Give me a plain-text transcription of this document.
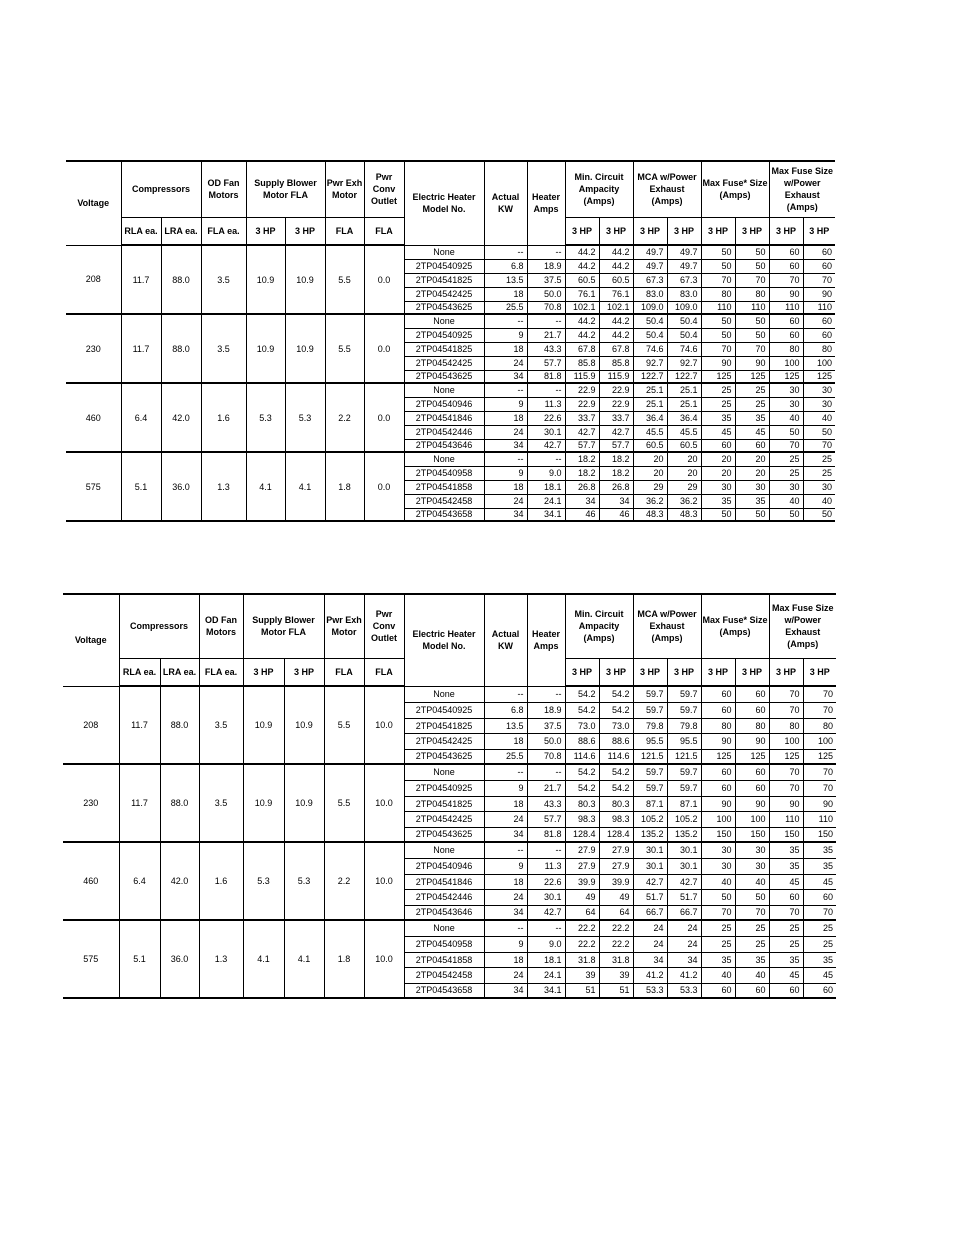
Voltage	Compressors		OD Fan Motors	Supply Blower Motor FLA		Pwr Exh Motor	Pwr Conv Outlet	Electric Heater Model No.	Actual KW	Heater Amps	Min. Circuit Ampacity (Amps)		MCA w/Power Exhaust (Amps)		Max Fuse* Size (Amps)		Max Fuse Size w/Power Exhaust (Amps)	
	RLA ea.	LRA ea.	FLA ea.	3 HP	3 HP	FLA	FLA				3 HP	3 HP	3 HP	3 HP	3 HP	3 HP	3 HP	3 HP
208	11.7	88.0	3.5	10.9	10.9	5.5	0.0	None	--	--	44.2	44.2	49.7	49.7	50	50	60	60
								2TP04540925	6.8	18.9	44.2	44.2	49.7	49.7	50	50	60	60
								2TP04541825	13.5	37.5	60.5	60.5	67.3	67.3	70	70	70	70
								2TP04542425	18	50.0	76.1	76.1	83.0	83.0	80	80	90	90
								2TP04543625	25.5	70.8	102.1	102.1	109.0	109.0	110	110	110	110
230	11.7	88.0	3.5	10.9	10.9	5.5	0.0	None	--	--	44.2	44.2	50.4	50.4	50	50	60	60
								2TP04540925	9	21.7	44.2	44.2	50.4	50.4	50	50	60	60
								2TP04541825	18	43.3	67.8	67.8	74.6	74.6	70	70	80	80
								2TP04542425	24	57.7	85.8	85.8	92.7	92.7	90	90	100	100
								2TP04543625	34	81.8	115.9	115.9	122.7	122.7	125	125	125	125
460	6.4	42.0	1.6	5.3	5.3	2.2	0.0	None	--	--	22.9	22.9	25.1	25.1	25	25	30	30
								2TP04540946	9	11.3	22.9	22.9	25.1	25.1	25	25	30	30
								2TP04541846	18	22.6	33.7	33.7	36.4	36.4	35	35	40	40
								2TP04542446	24	30.1	42.7	42.7	45.5	45.5	45	45	50	50
								2TP04543646	34	42.7	57.7	57.7	60.5	60.5	60	60	70	70
575	5.1	36.0	1.3	4.1	4.1	1.8	0.0	None	--	--	18.2	18.2	20	20	20	20	25	25
								2TP04540958	9	9.0	18.2	18.2	20	20	20	20	25	25
								2TP04541858	18	18.1	26.8	26.8	29	29	30	30	30	30
								2TP04542458	24	24.1	34	34	36.2	36.2	35	35	40	40
								2TP04543658	34	34.1	46	46	48.3	48.3	50	50	50	50
Voltage	Compressors		OD Fan Motors	Supply Blower Motor FLA		Pwr Exh Motor	Pwr Conv Outlet	Electric Heater Model No.	Actual KW	Heater Amps	Min. Circuit Ampacity (Amps)		MCA w/Power Exhaust (Amps)		Max Fuse* Size (Amps)		Max Fuse Size w/Power Exhaust (Amps)	
	RLA ea.	LRA ea.	FLA ea.	3 HP	3 HP	FLA	FLA				3 HP	3 HP	3 HP	3 HP	3 HP	3 HP	3 HP	3 HP
208	11.7	88.0	3.5	10.9	10.9	5.5	10.0	None	--	--	54.2	54.2	59.7	59.7	60	60	70	70
								2TP04540925	6.8	18.9	54.2	54.2	59.7	59.7	60	60	70	70
								2TP04541825	13.5	37.5	73.0	73.0	79.8	79.8	80	80	80	80
								2TP04542425	18	50.0	88.6	88.6	95.5	95.5	90	90	100	100
								2TP04543625	25.5	70.8	114.6	114.6	121.5	121.5	125	125	125	125
230	11.7	88.0	3.5	10.9	10.9	5.5	10.0	None	--	--	54.2	54.2	59.7	59.7	60	60	70	70
								2TP04540925	9	21.7	54.2	54.2	59.7	59.7	60	60	70	70
								2TP04541825	18	43.3	80.3	80.3	87.1	87.1	90	90	90	90
								2TP04542425	24	57.7	98.3	98.3	105.2	105.2	100	100	110	110
								2TP04543625	34	81.8	128.4	128.4	135.2	135.2	150	150	150	150
460	6.4	42.0	1.6	5.3	5.3	2.2	10.0	None	--	--	27.9	27.9	30.1	30.1	30	30	35	35
								2TP04540946	9	11.3	27.9	27.9	30.1	30.1	30	30	35	35
								2TP04541846	18	22.6	39.9	39.9	42.7	42.7	40	40	45	45
								2TP04542446	24	30.1	49	49	51.7	51.7	50	50	60	60
								2TP04543646	34	42.7	64	64	66.7	66.7	70	70	70	70
575	5.1	36.0	1.3	4.1	4.1	1.8	10.0	None	--	--	22.2	22.2	24	24	25	25	25	25
								2TP04540958	9	9.0	22.2	22.2	24	24	25	25	25	25
								2TP04541858	18	18.1	31.8	31.8	34	34	35	35	35	35
								2TP04542458	24	24.1	39	39	41.2	41.2	40	40	45	45
								2TP04543658	34	34.1	51	51	53.3	53.3	60	60	60	60
